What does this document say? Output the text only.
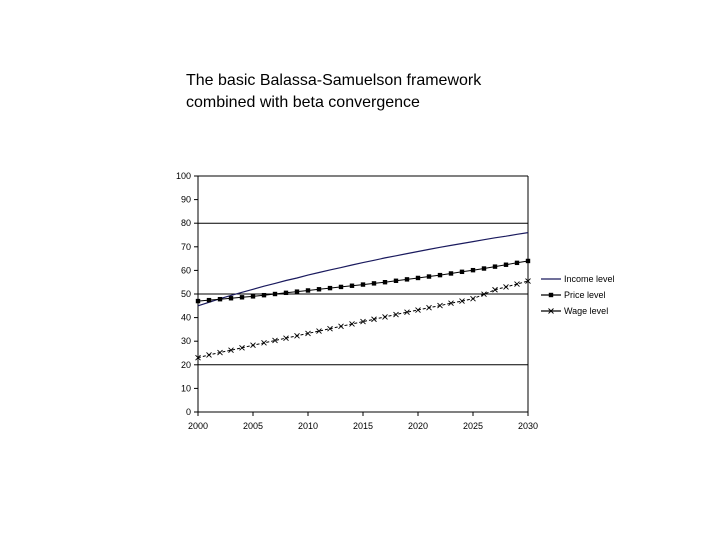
The basic Balassa-Samuelson framework
combined with beta convergence
0
10
20
30
40
50
60
70
80
90
100
2000	2005	2010	2015	2020	2025	2030
Income level
Price level
Wage level
